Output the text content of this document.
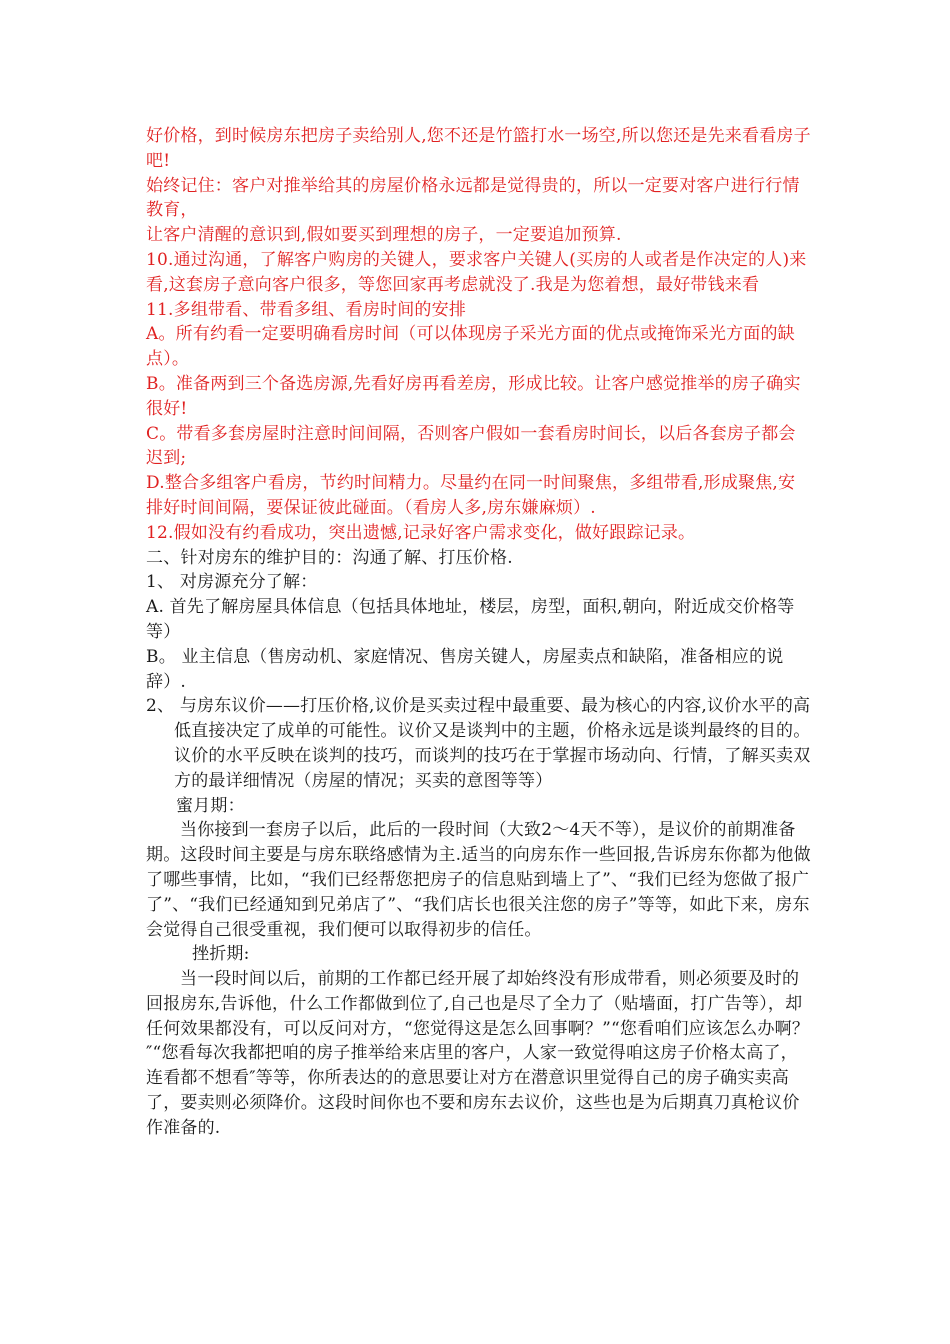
好价格，到时候房东把房子卖给别人,您不还是竹篮打水一场空,所以您还是先来看看房子吧!

始终记住：客户对推举给其的房屋价格永远都是觉得贵的，所以一定要对客户进行行情教育，

让客户清醒的意识到,假如要买到理想的房子，一定要追加预算.

10.通过沟通，了解客户购房的关键人，要求客户关键人(买房的人或者是作决定的人)来看,这套房子意向客户很多，等您回家再考虑就没了.我是为您着想，最好带钱来看

11.多组带看、带看多组、看房时间的安排

A。所有约看一定要明确看房时间（可以体现房子采光方面的优点或掩饰采光方面的缺点）。

B。准备两到三个备选房源,先看好房再看差房，形成比较。让客户感觉推举的房子确实很好!

C。带看多套房屋时注意时间间隔，否则客户假如一套看房时间长，以后各套房子都会迟到;

D.整合多组客户看房，节约时间精力。尽量约在同一时间聚焦，多组带看,形成聚焦,安排好时间间隔，要保证彼此碰面。（看房人多,房东嫌麻烦）.

12.假如没有约看成功，突出遗憾,记录好客户需求变化，做好跟踪记录。

二、针对房东的维护目的：沟通了解、打压价格.

1、 对房源充分了解：

A. 首先了解房屋具体信息（包括具体地址，楼层，房型，面积,朝向，附近成交价格等等）

B。 业主信息（售房动机、家庭情况、售房关键人，房屋卖点和缺陷，准备相应的说辞）.

2、 与房东议价——打压价格,议价是买卖过程中最重要、最为核心的内容,议价水平的高低直接决定了成单的可能性。议价又是谈判中的主题，价格永远是谈判最终的目的。议价的水平反映在谈判的技巧，而谈判的技巧在于掌握市场动向、行情，了解买卖双方的最详细情况（房屋的情况；买卖的意图等等）

蜜月期：

当你接到一套房子以后，此后的一段时间（大致2～4天不等），是议价的前期准备期。这段时间主要是与房东联络感情为主.适当的向房东作一些回报,告诉房东你都为他做了哪些事情，比如，“我们已经帮您把房子的信息贴到墙上了”、“我们已经为您做了报广了”、“我们已经通知到兄弟店了”、“我们店长也很关注您的房子”等等，如此下来，房东会觉得自己很受重视，我们便可以取得初步的信任。

挫折期:

当一段时间以后，前期的工作都已经开展了却始终没有形成带看，则必须要及时的回报房东,告诉他，什么工作都做到位了,自己也是尽了全力了（贴墙面，打广告等），却任何效果都没有，可以反问对方，“您觉得这是怎么回事啊？”“您看咱们应该怎么办啊？″“您看每次我都把咱的房子推举给来店里的客户，人家一致觉得咱这房子价格太高了，连看都不想看″等等，你所表达的的意思要让对方在潜意识里觉得自己的房子确实卖高了，要卖则必须降价。这段时间你也不要和房东去议价，这些也是为后期真刀真枪议价作准备的.
